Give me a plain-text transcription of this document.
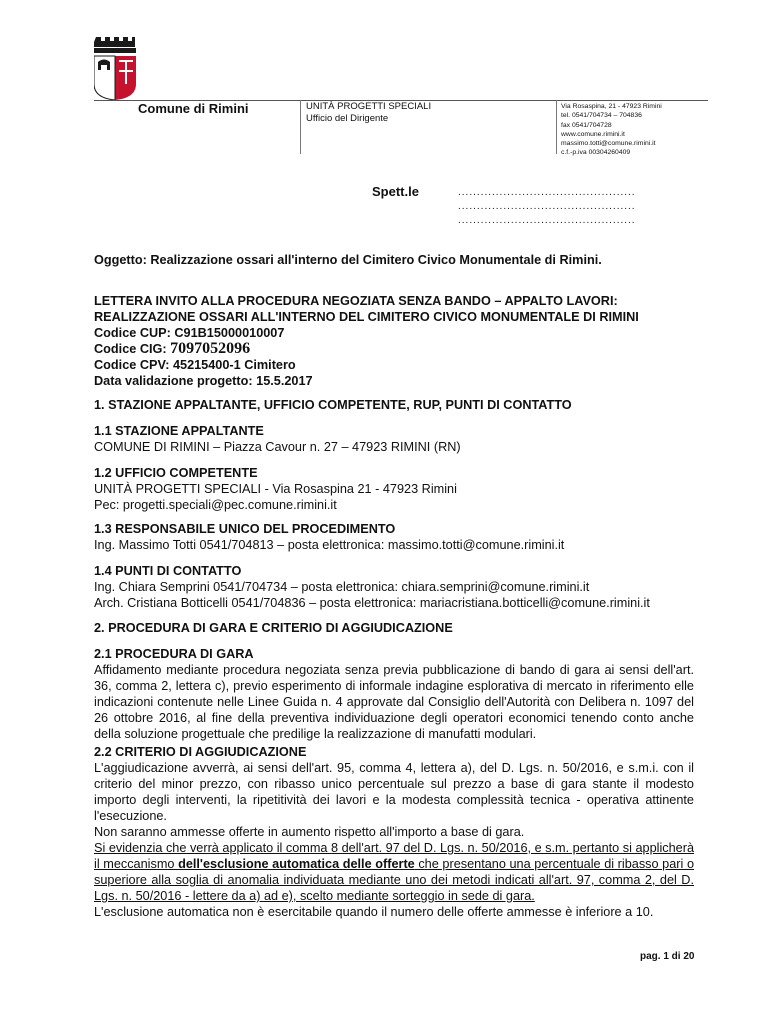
Comune di Rimini	UNITÀ PROGETTI SPECIALI
Ufficio del Dirigente
Via Rosaspina, 21 - 47923 Rimini
tel. 0541/704734 – 704836
fax 0541/704728
www.comune.rimini.it
massimo.totti@comune.rimini.it
c.f.-p.iva 00304260409
Spett.le	...............................................
...............................................
...............................................
Oggetto: Realizzazione ossari all'interno del Cimitero Civico Monumentale di Rimini.
LETTERA INVITO ALLA PROCEDURA NEGOZIATA SENZA BANDO – APPALTO LAVORI:
REALIZZAZIONE OSSARI ALL'INTERNO DEL CIMITERO CIVICO MONUMENTALE DI RIMINI
Codice CUP: C91B15000010007
Codice CIG: 7097052096
Codice CPV: 45215400-1 Cimitero
Data validazione progetto: 15.5.2017
1. STAZIONE APPALTANTE, UFFICIO COMPETENTE, RUP, PUNTI DI CONTATTO
1.1 STAZIONE APPALTANTE
COMUNE DI RIMINI – Piazza Cavour n. 27 – 47923 RIMINI (RN)
1.2 UFFICIO COMPETENTE
UNITÀ PROGETTI SPECIALI - Via Rosaspina 21 - 47923 Rimini
Pec: progetti.speciali@pec.comune.rimini.it
1.3 RESPONSABILE UNICO DEL PROCEDIMENTO
Ing. Massimo Totti 0541/704813 – posta elettronica: massimo.totti@comune.rimini.it
1.4 PUNTI DI CONTATTO
Ing. Chiara Semprini 0541/704734 – posta elettronica: chiara.semprini@comune.rimini.it
Arch. Cristiana Botticelli 0541/704836 – posta elettronica: mariacristiana.botticelli@comune.rimini.it
2. PROCEDURA DI GARA E CRITERIO DI AGGIUDICAZIONE
2.1 PROCEDURA DI GARA

Affidamento mediante procedura negoziata senza previa pubblicazione di bando di gara ai sensi dell'art. 36, comma 2, lettera c), previo esperimento di informale indagine esplorativa di mercato in riferimento elle indicazioni contenute nelle Linee Guida n. 4 approvate dal Consiglio dell'Autorità con Delibera n. 1097 del 26 ottobre 2016, al fine della preventiva individuazione degli operatori economici tenendo conto anche della soluzione progettuale che predilige la realizzazione di manufatti modulari.

2.2 CRITERIO DI AGGIUDICAZIONE

L'aggiudicazione avverrà, ai sensi dell'art. 95, comma 4, lettera a), del D. Lgs. n. 50/2016, e s.m.i. con il criterio del minor prezzo, con ribasso unico percentuale sul prezzo a base di gara stante il modesto importo degli interventi, la ripetitività dei lavori e la modesta complessità tecnica - operativa attinente l'esecuzione.

Non saranno ammesse offerte in aumento rispetto all'importo a base di gara.

Si evidenzia che verrà applicato il comma 8 dell'art. 97 del D. Lgs. n. 50/2016, e s.m. pertanto si applicherà il meccanismo dell'esclusione automatica delle offerte che presentano una percentuale di ribasso pari o superiore alla soglia di anomalia individuata mediante uno dei metodi indicati all'art. 97, comma 2, del D. Lgs. n. 50/2016 - lettere da a) ad e), scelto mediante sorteggio in sede di gara.

L'esclusione automatica non è esercitabile quando il numero delle offerte ammesse è inferiore a 10.

pag. 1 di 20
